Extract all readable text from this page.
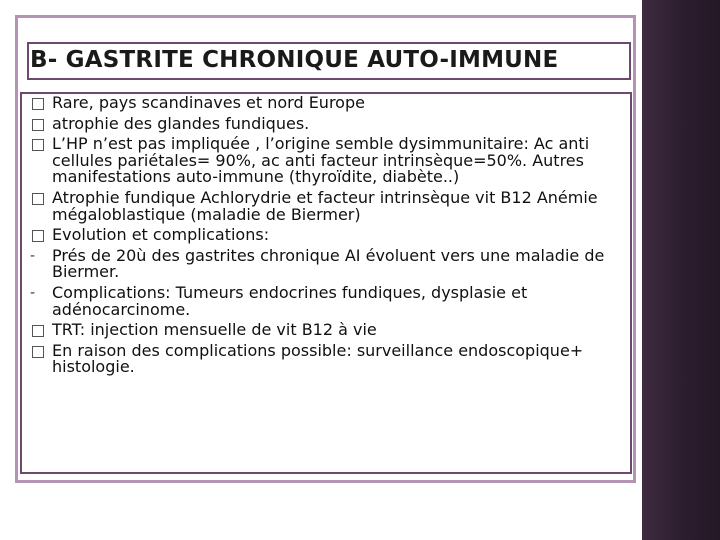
B- GASTRITE CHRONIQUE AUTO-IMMUNE
Rare, pays scandinaves et nord Europe
atrophie des glandes fundiques.
L’HP n’est pas impliquée , l’origine semble dysimmunitaire: Ac anti cellules pariétales= 90%, ac anti facteur intrinsèque=50%. Autres manifestations auto-immune (thyroïdite, diabète..)
Atrophie fundique Achlorydrie et facteur intrinsèque vit B12 Anémie mégaloblastique (maladie de Biermer)
Evolution et complications:
-	Prés de 20ù des gastrites chronique AI évoluent vers une maladie de Biermer.
-	Complications: Tumeurs endocrines fundiques, dysplasie et adénocarcinome.
TRT: injection mensuelle de vit B12 à vie
En raison des complications possible: surveillance endoscopique+ histologie.
